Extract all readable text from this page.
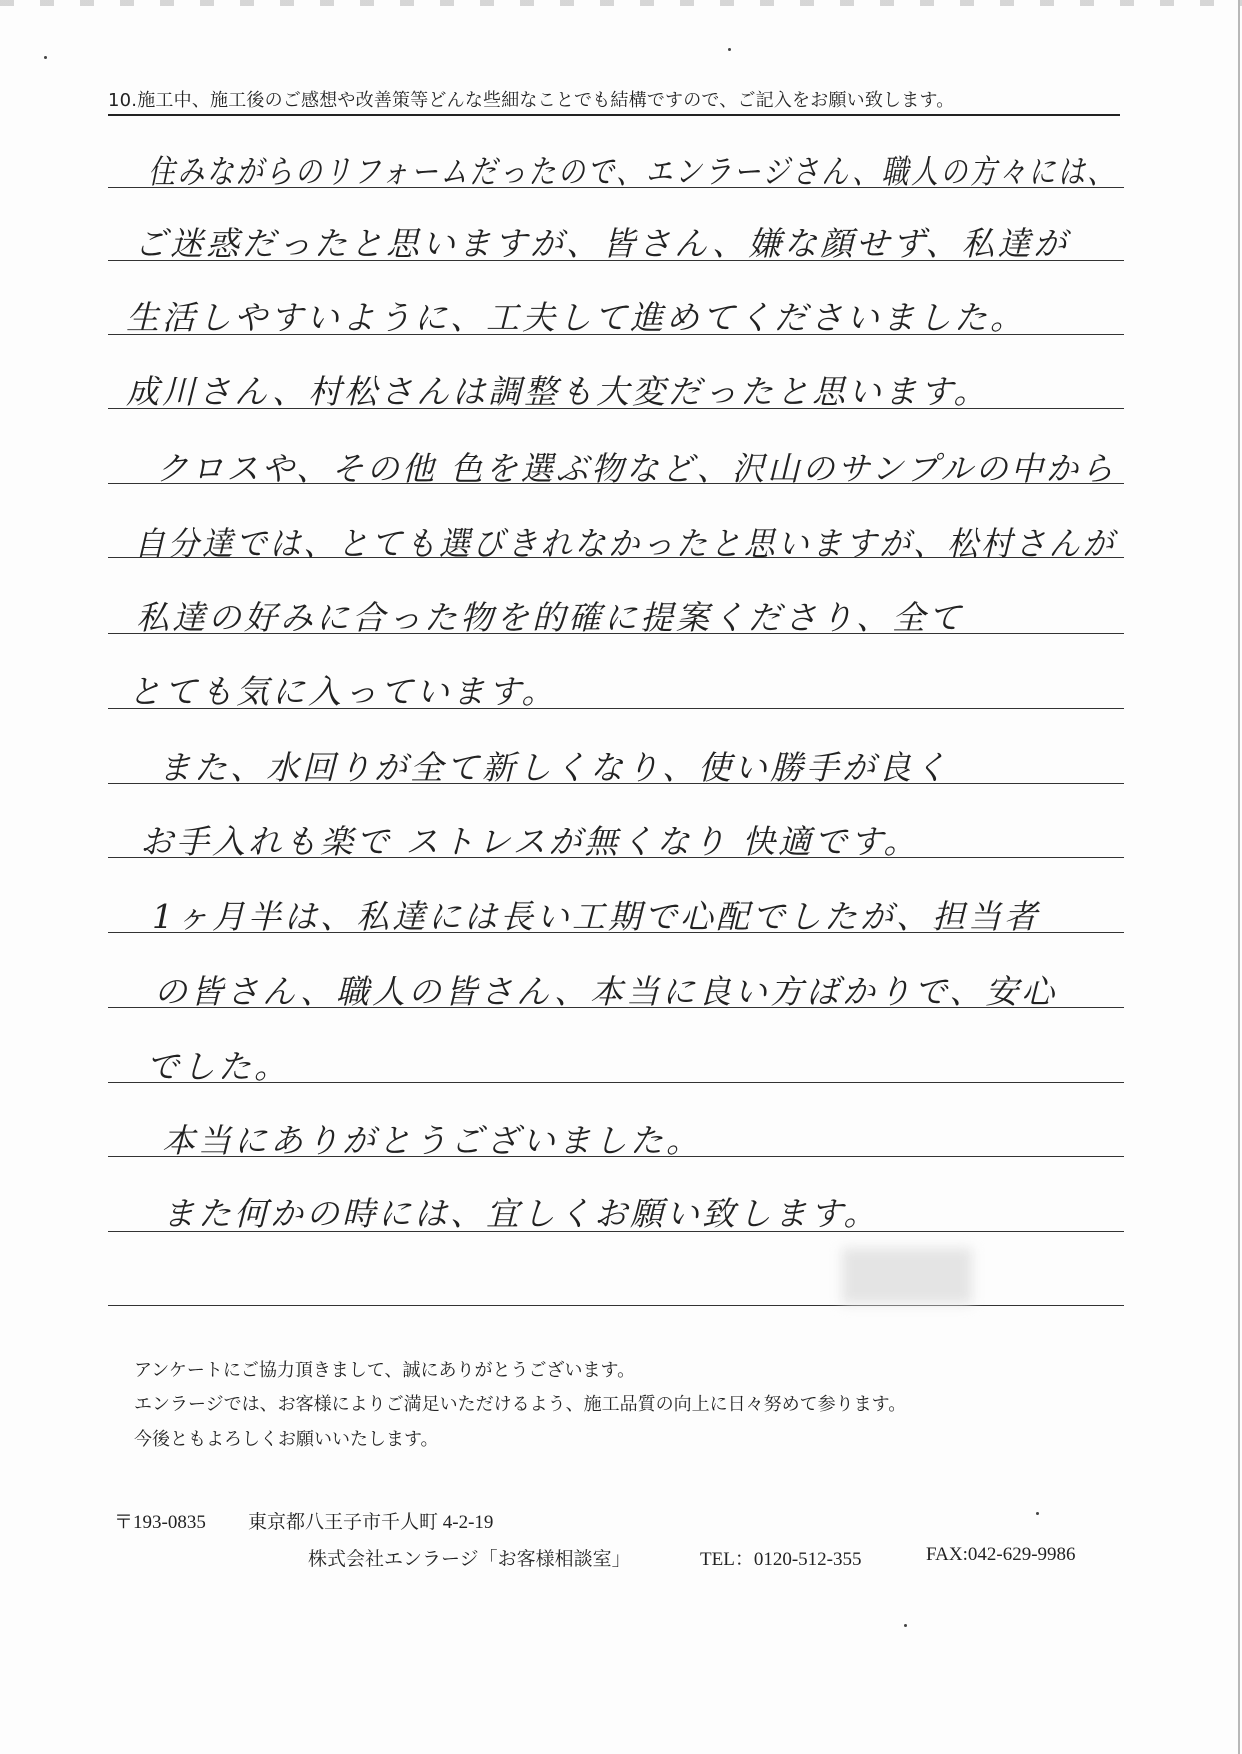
10.施工中、施工後のご感想や改善策等どんな些細なことでも結構ですので、ご記入をお願い致します。
住みながらのリフォームだったので、エンラージさん、職人の方々には、
ご迷惑だったと思いますが、皆さん、嫌な顔せず、私達が
生活しやすいように、工夫して進めてくださいました。
成川さん、村松さんは調整も大変だったと思います。
クロスや、その他 色を選ぶ物など、沢山のサンプルの中から
自分達では、とても選びきれなかったと思いますが、松村さんが
私達の好みに合った物を的確に提案くださり、全て
とても気に入っています。
また、水回りが全て新しくなり、使い勝手が良く
お手入れも楽で ストレスが無くなり 快適です。
1ヶ月半は、私達には長い工期で心配でしたが、担当者
の皆さん、職人の皆さん、本当に良い方ばかりで、安心
でした。
本当にありがとうございました。
また何かの時には、宜しくお願い致します。
アンケートにご協力頂きまして、誠にありがとうございます。
エンラージでは、お客様によりご満足いただけるよう、施工品質の向上に日々努めて参ります。
今後ともよろしくお願いいたします。
〒193-0835 東京都八王子市千人町 4-2-19
株式会社エンラージ「お客様相談室」	TEL：0120-512-355	FAX:042-629-9986
